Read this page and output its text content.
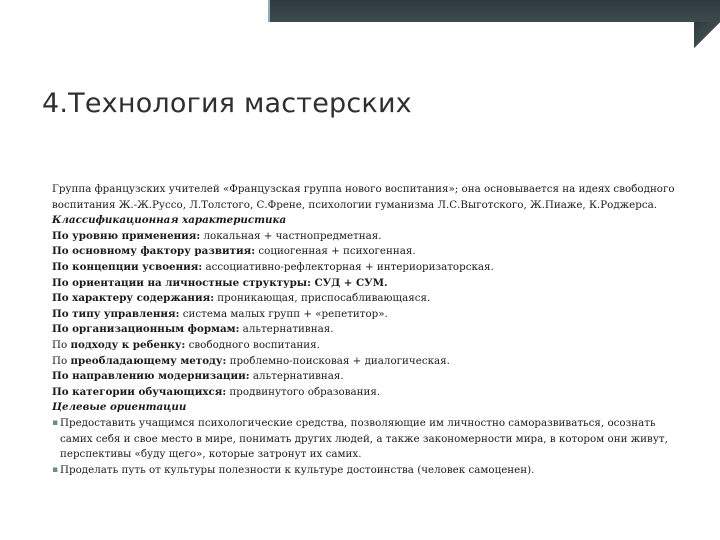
4.Технология мастерских

Группа французских учителей «Французская группа нового воспитания»; она основывается на идеях свободного воспитания Ж.-Ж.Руссо, Л.Толстого, С.Френе, психологии гуманизма Л.С.Выготского, Ж.Пиаже, К.Роджерса.

Классификационная характеристика

По уровню применения: локальная + частнопредметная.

По основному фактору развития: социогенная + психогенная.

По концепции усвоения: ассоциативно-рефлекторная + интериоризаторская.

По ориентации на личностные структуры: СУД + СУМ.

По характеру содержания: проникающая, приспосабливающаяся.

По типу управления: система малых групп + «репетитор».

По организационным формам: альтернативная.

По подходу к ребенку: свободного воспитания.

По преобладающему методу: проблемно-поисковая + диалогическая.

По направлению модернизации: альтернативная.

По категории обучающихся: продвинутого образования.

Целевые ориентации

▪ Предоставить учащимся психологические средства, позволяющие им личностно саморазвиваться, осознать самих себя и свое место в мире, понимать других людей, а также закономерности мира, в котором они живут, перспективы «буду щего», которые затронут их самих.
▪ Проделать путь от культуры полезности к культуре достоинства (человек самоценен).
